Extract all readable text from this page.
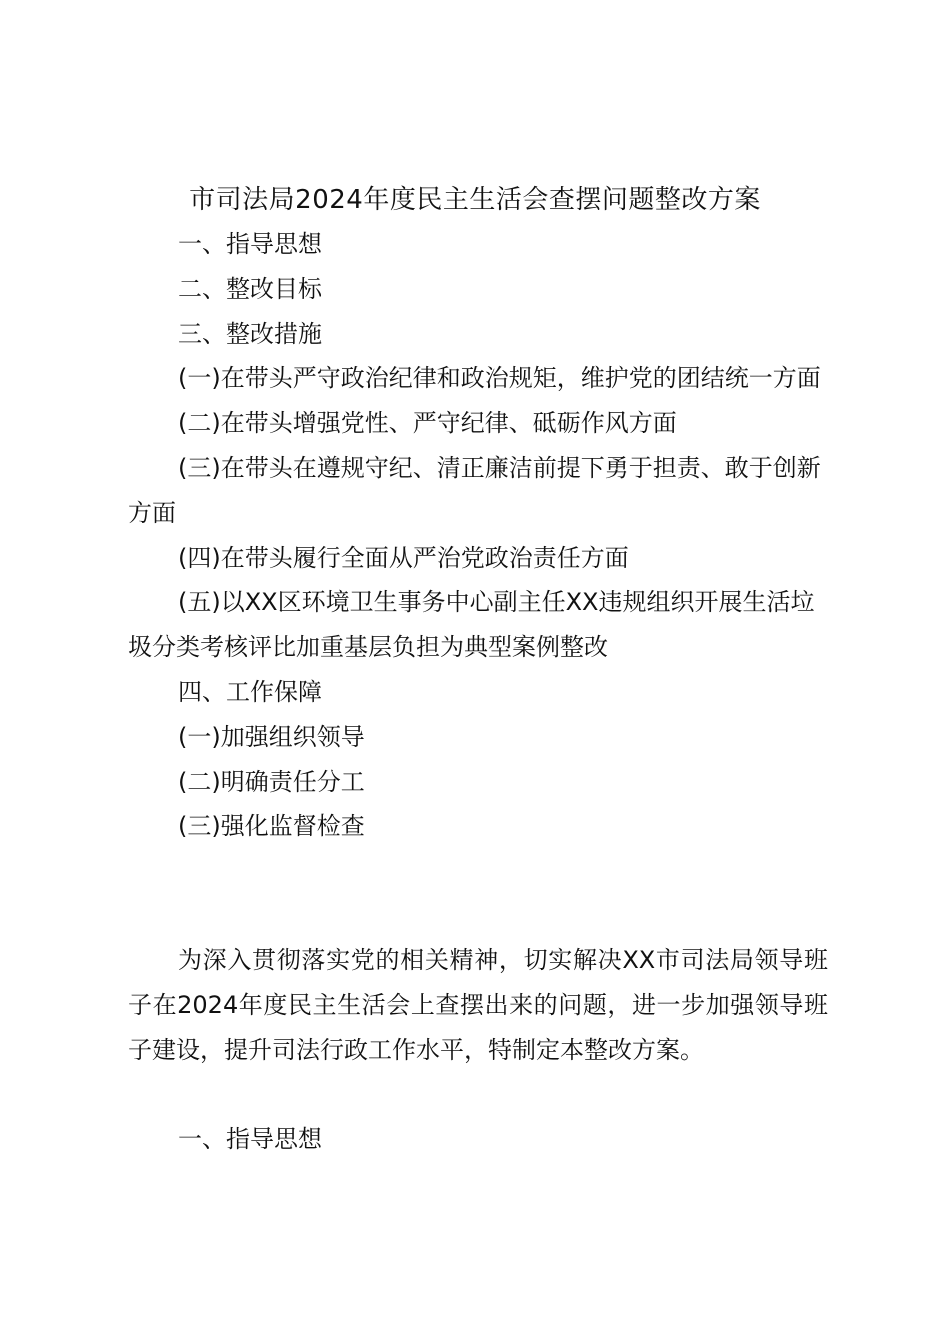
市司法局2024年度民主生活会查摆问题整改方案
一、指导思想
二、整改目标
三、整改措施
(一)在带头严守政治纪律和政治规矩，维护党的团结统一方面
(二)在带头增强党性、严守纪律、砥砺作风方面
(三)在带头在遵规守纪、清正廉洁前提下勇于担责、敢于创新方面
(四)在带头履行全面从严治党政治责任方面
(五)以XX区环境卫生事务中心副主任XX违规组织开展生活垃圾分类考核评比加重基层负担为典型案例整改
四、工作保障
(一)加强组织领导
(二)明确责任分工
(三)强化监督检查

为深入贯彻落实党的相关精神，切实解决XX市司法局领导班子在2024年度民主生活会上查摆出来的问题，进一步加强领导班子建设，提升司法行政工作水平，特制定本整改方案。

一、指导思想
